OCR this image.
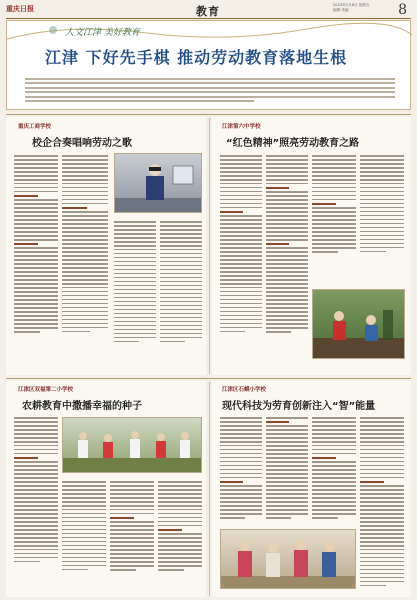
重庆日报	教育	2023年1月6日 星期五
编辑 美编	8
人文江津 美好教育
江津 下好先手棋 推动劳动教育落地生根
重庆工商学校
校企合奏唱响劳动之歌
江津第六中学校
“红色精神”照亮劳动教育之路
江津区双福第二小学校
农耕教育中撒播幸福的种子
江津区石蟆小学校
现代科技为劳育创新注入“智”能量
